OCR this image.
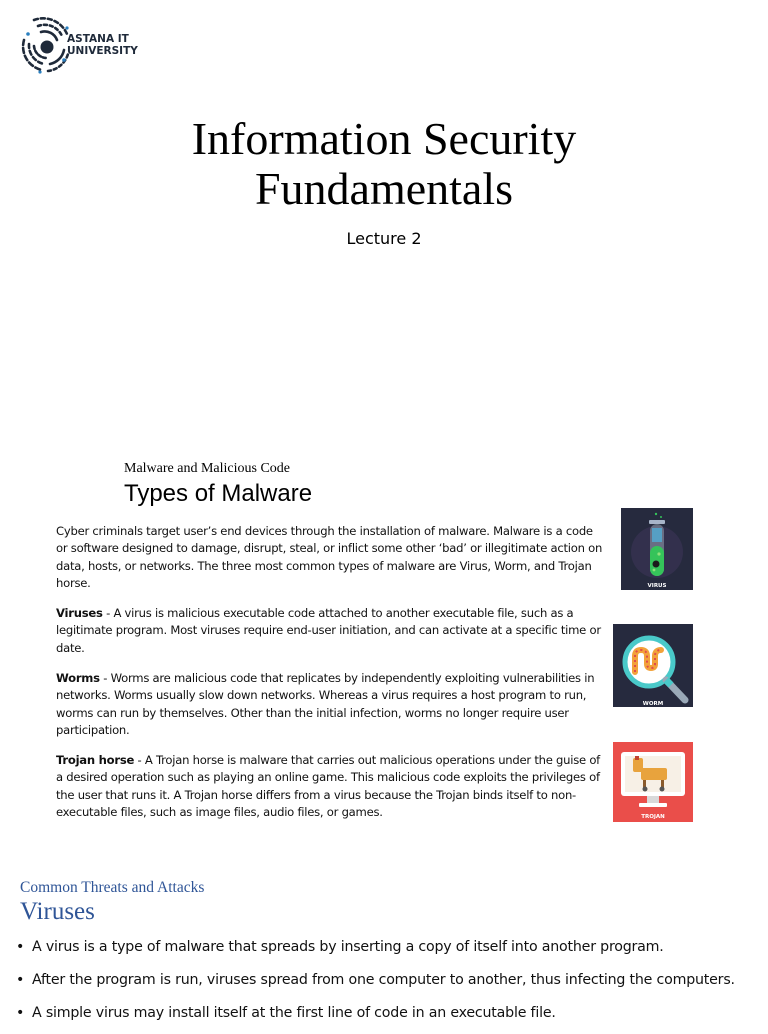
ASTANA IT
UNIVERSITY
Information Security
Fundamentals
Lecture 2
Malware and Malicious Code
Types of Malware
Cyber criminals target user’s end devices through the installation of malware. Malware is a code or software designed to damage, disrupt, steal, or inflict some other ‘bad’ or illegitimate action on data, hosts, or networks. The three most common types of malware are Virus, Worm, and Trojan horse.
Viruses - A virus is malicious executable code attached to another executable file, such as a legitimate program. Most viruses require end-user initiation, and can activate at a specific time or date.
Worms - Worms are malicious code that replicates by independently exploiting vulnerabilities in networks. Worms usually slow down networks. Whereas a virus requires a host program to run, worms can run by themselves. Other than the initial infection, worms no longer require user participation.
Trojan horse - A Trojan horse is malware that carries out malicious operations under the guise of a desired operation such as playing an online game. This malicious code exploits the privileges of the user that runs it. A Trojan horse differs from a virus because the Trojan binds itself to non-executable files, such as image files, audio files, or games.
VIRUS
WORM
TROJAN
Common Threats and Attacks
Viruses
• A virus is a type of malware that spreads by inserting a copy of itself into another program.
• After the program is run, viruses spread from one computer to another, thus infecting the computers.
• A simple virus may install itself at the first line of code in an executable file.
